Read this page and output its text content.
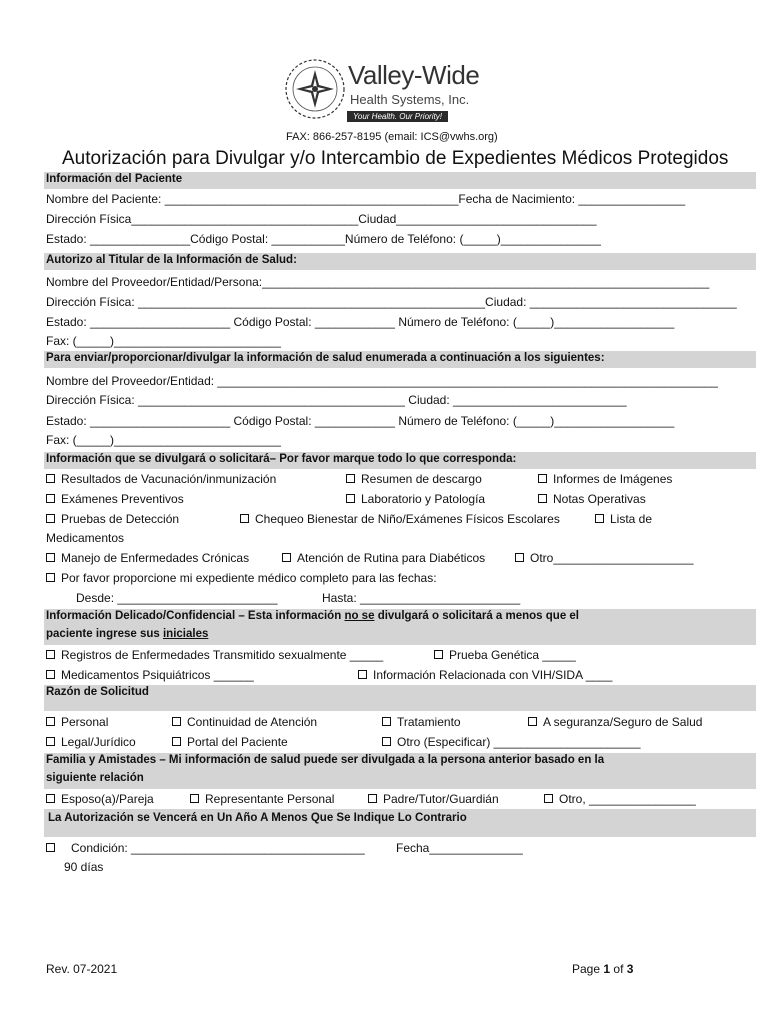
Valley-Wide
Health Systems, Inc.
Your Health. Our Priority!
FAX: 866-257-8195 (email: ICS@vwhs.org)
Autorización para Divulgar y/o Intercambio de Expedientes Médicos Protegidos
Información del Paciente
Nombre del Paciente: ____________________________________________Fecha de Nacimiento: ________________
Dirección Física__________________________________Ciudad______________________________
Estado: _______________Código Postal: ___________Número de Teléfono: (_____)_______________
Autorizo al Titular de la Información de Salud:
Nombre del Proveedor/Entidad/Persona:___________________________________________________________________
Dirección Física: ____________________________________________________Ciudad: _______________________________
Estado: _____________________ Código Postal: ____________ Número de Teléfono: (_____)__________________
Fax: (_____)_________________________
Para enviar/proporcionar/divulgar la información de salud enumerada a continuación a los siguientes:
Nombre del Proveedor/Entidad: ___________________________________________________________________________
Dirección Física: ________________________________________ Ciudad: __________________________
Estado: _____________________ Código Postal: ____________ Número de Teléfono: (_____)__________________
Fax: (_____)_________________________
Información que se divulgará o solicitará– Por favor marque todo lo que corresponda:
Resultados de Vacunación/inmunización	Resumen de descargo	Informes de Imágenes
Exámenes Preventivos	Laboratorio y Patología	Notas Operativas
Pruebas de Detección	Chequeo Bienestar de Niño/Exámenes Físicos Escolares	Lista de
Medicamentos
Manejo de Enfermedades Crónicas	Atención de Rutina para Diabéticos	Otro_____________________
Por favor proporcione mi expediente médico completo para las fechas:
Desde: ________________________	Hasta: ________________________
Información Delicado/Confidencial – Esta información no se divulgará o solicitará a menos que el
paciente ingrese sus iniciales
Registros de Enfermedades Transmitido sexualmente _____	Prueba Genética _____
Medicamentos Psiquiátricos ______	Información Relacionada con VIH/SIDA ____
Razón de Solicitud
Personal	Continuidad de Atención	Tratamiento	A seguranza/Seguro de Salud
Legal/Jurídico	Portal del Paciente	Otro (Especificar) ______________________
Familia y Amistades – Mi información de salud puede ser divulgada a la persona anterior basado en la
siguiente relación
Esposo(a)/Pareja	Representante Personal	Padre/Tutor/Guardián	Otro, ________________
La Autorización se Vencerá en Un Año A Menos Que Se Indique Lo Contrario
Condición: ___________________________________	Fecha______________
90 días
Rev. 07-2021	Page 1 of 3
